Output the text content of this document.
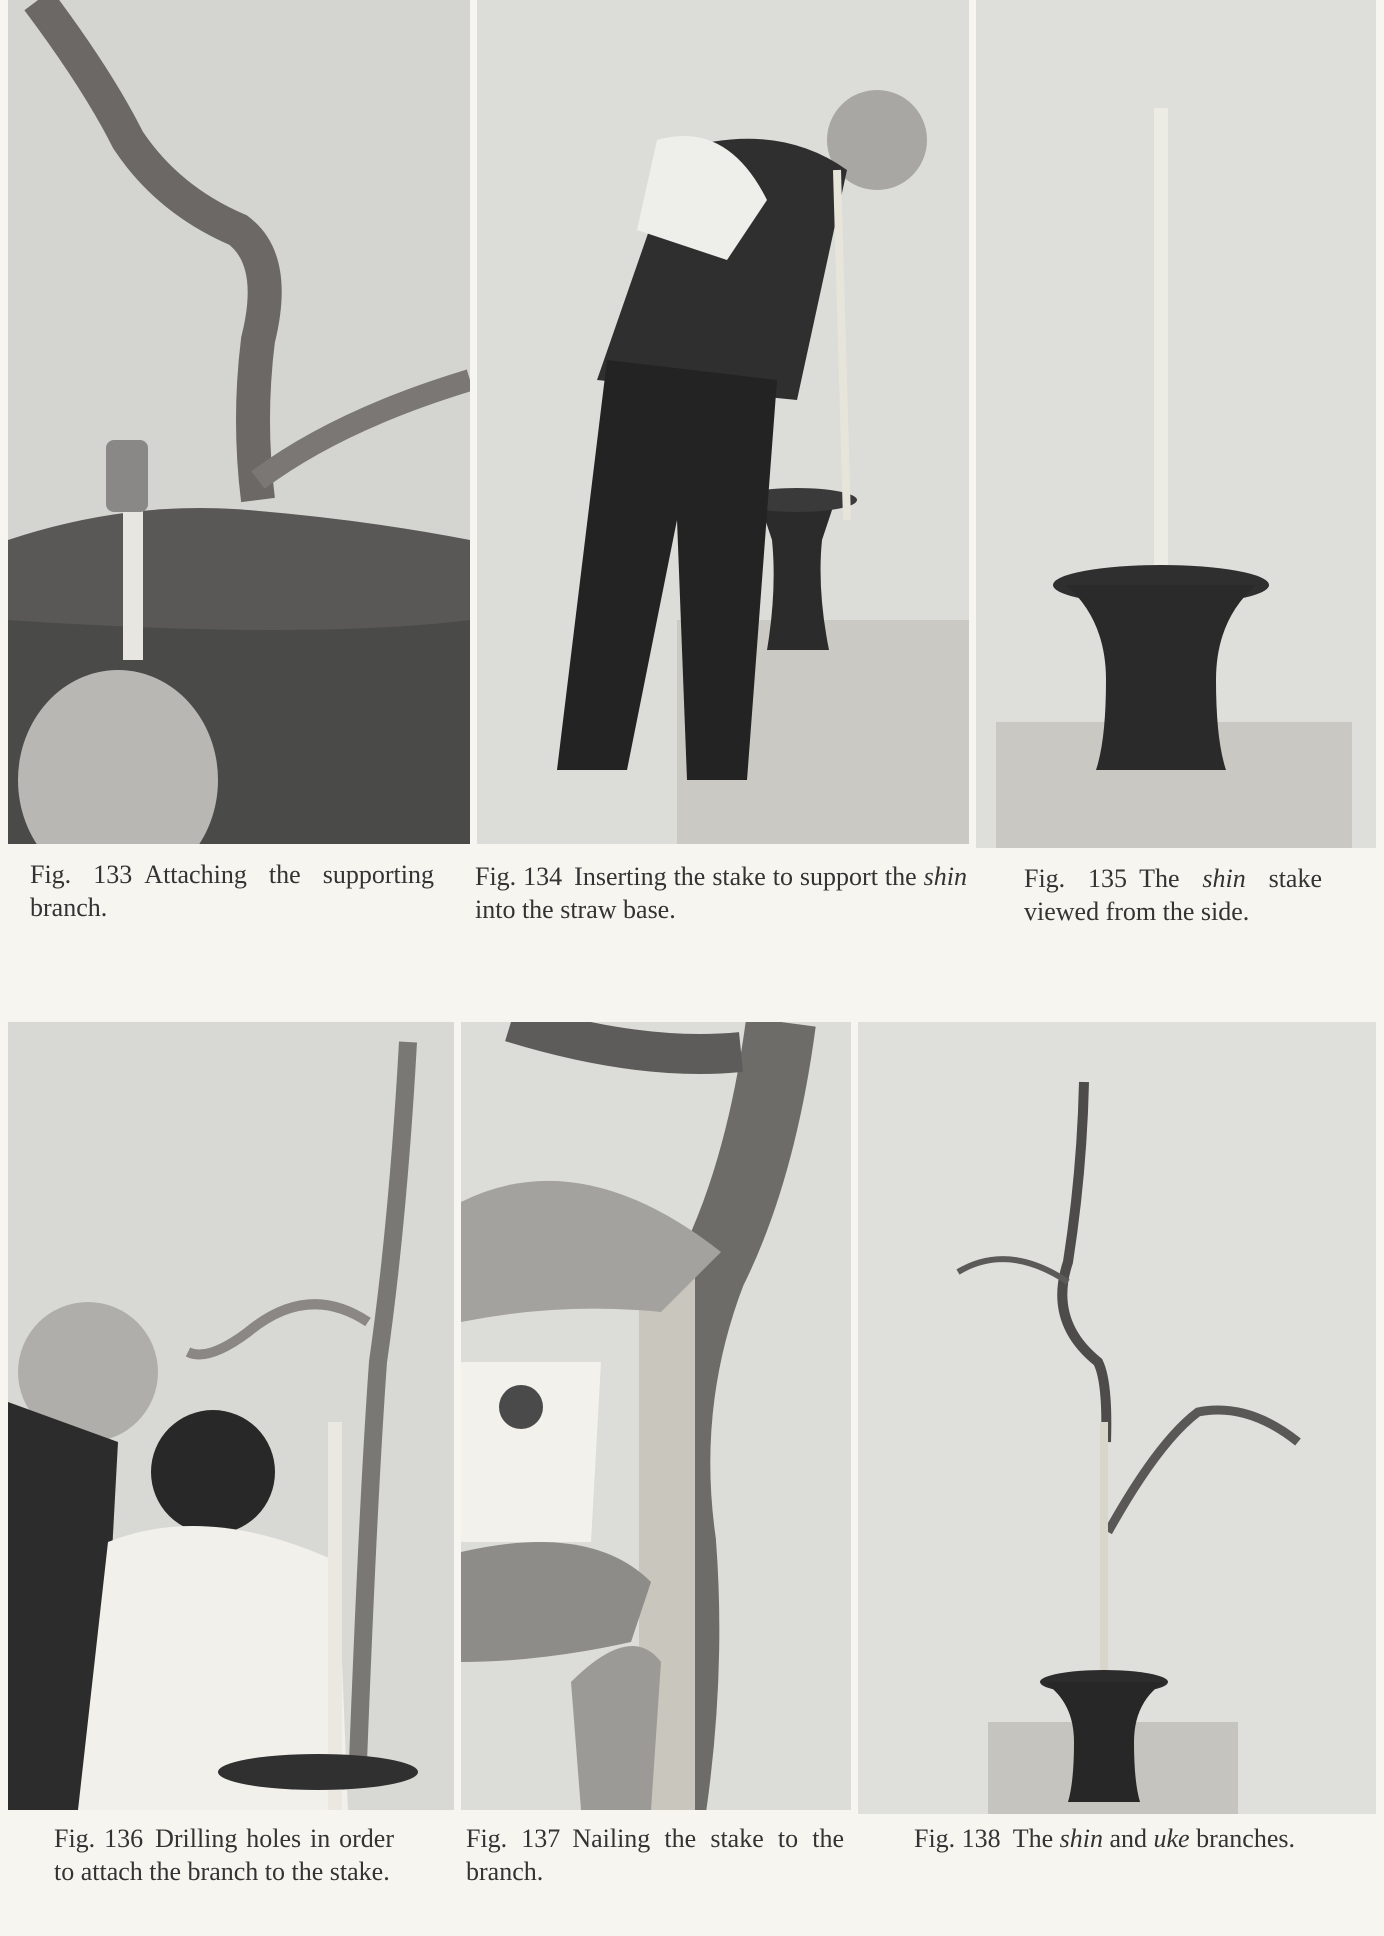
Fig. 133 Attaching the supporting branch.
Fig. 134 Inserting the stake to support the shin into the straw base.
Fig. 135 The shin stake viewed from the side.
Fig. 136 Drilling holes in order to attach the branch to the stake.
Fig. 137 Nailing the stake to the branch.
Fig. 138 The shin and uke branches.
